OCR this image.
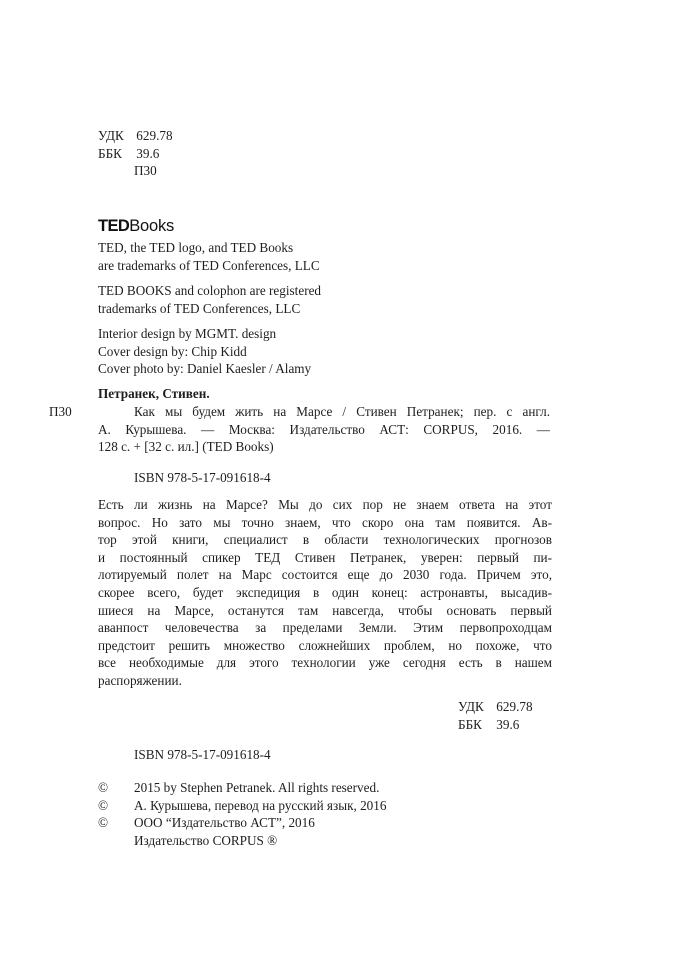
УДК 629.78
ББК 39.6
П30
TEDBooks
TED, the TED logo, and TED Books
are trademarks of TED Conferences, LLC
TED BOOKS and colophon are registered
trademarks of TED Conferences, LLC
Interior design by MGMT. design
Cover design by: Chip Kidd
Cover photo by: Daniel Kaesler / Alamy
Петранек, Стивен.
П30	Как мы будем жить на Марсе / Стивен Петранек; пер. с англ.
А. Курышева. — Москва: Издательство АСТ: CORPUS, 2016. —
128 с. + [32 с. ил.] (TED Books)
ISBN 978-5-17-091618-4
Есть ли жизнь на Марсе? Мы до сих пор не знаем ответа на этот
вопрос. Но зато мы точно знаем, что скоро она там появится. Ав-
тор этой книги, специалист в области технологических прогнозов
и постоянный спикер ТЕД Стивен Петранек, уверен: первый пи-
лотируемый полет на Марс состоится еще до 2030 года. Причем это,
скорее всего, будет экспедиция в один конец: астронавты, высадив-
шиеся на Марсе, останутся там навсегда, чтобы основать первый
аванпост человечества за пределами Земли. Этим первопроходцам
предстоит решить множество сложнейших проблем, но похоже, что
все необходимые для этого технологии уже сегодня есть в нашем
распоряжении.
УДК 629.78
ББК 39.6
ISBN 978-5-17-091618-4
© 2015 by Stephen Petranek. All rights reserved.
© А. Курышева, перевод на русский язык, 2016
© ООО “Издательство АСТ”, 2016
Издательство CORPUS ®
